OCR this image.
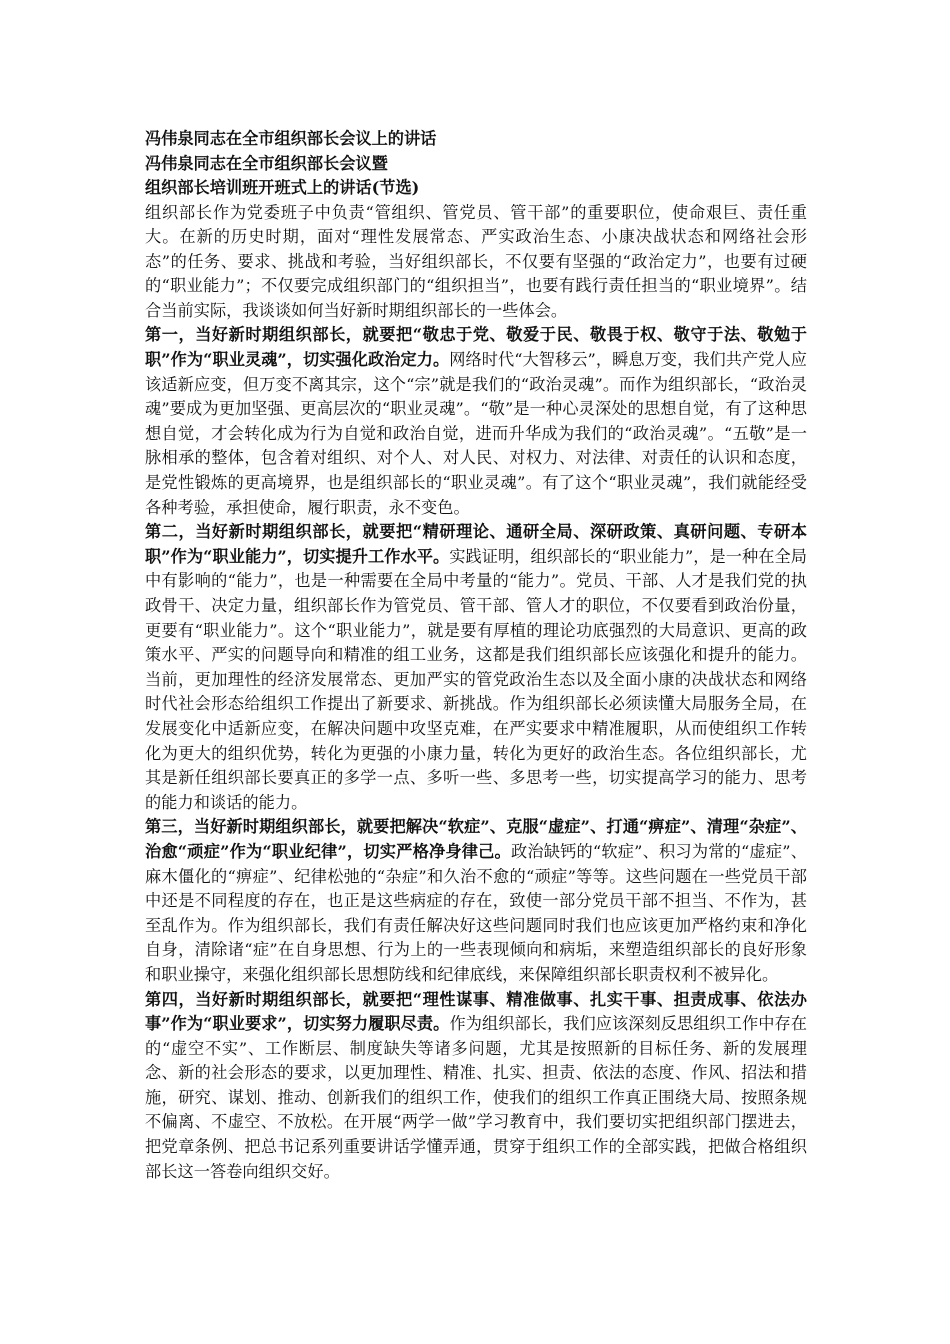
冯伟泉同志在全市组织部长会议上的讲话

冯伟泉同志在全市组织部长会议暨

组织部长培训班开班式上的讲话(节选)

组织部长作为党委班子中负责“管组织、管党员、管干部”的重要职位，使命艰巨、责任重大。在新的历史时期，面对“理性发展常态、严实政治生态、小康决战状态和网络社会形态”的任务、要求、挑战和考验，当好组织部长，不仅要有坚强的“政治定力”，也要有过硬的“职业能力”；不仅要完成组织部门的“组织担当”，也要有践行责任担当的“职业境界”。结合当前实际，我谈谈如何当好新时期组织部长的一些体会。

第一，当好新时期组织部长，就要把“敬忠于党、敬爱于民、敬畏于权、敬守于法、敬勉于职”作为“职业灵魂”，切实强化政治定力。网络时代“大智移云”，瞬息万变，我们共产党人应该适新应变，但万变不离其宗，这个“宗”就是我们的“政治灵魂”。而作为组织部长，“政治灵魂”要成为更加坚强、更高层次的“职业灵魂”。“敬”是一种心灵深处的思想自觉，有了这种思想自觉，才会转化成为行为自觉和政治自觉，进而升华成为我们的“政治灵魂”。“五敬”是一脉相承的整体，包含着对组织、对个人、对人民、对权力、对法律、对责任的认识和态度，是党性锻炼的更高境界，也是组织部长的“职业灵魂”。有了这个“职业灵魂”，我们就能经受各种考验，承担使命，履行职责，永不变色。

第二，当好新时期组织部长，就要把“精研理论、通研全局、深研政策、真研问题、专研本职”作为“职业能力”，切实提升工作水平。实践证明，组织部长的“职业能力”，是一种在全局中有影响的“能力”，也是一种需要在全局中考量的“能力”。党员、干部、人才是我们党的执政骨干、决定力量，组织部长作为管党员、管干部、管人才的职位，不仅要看到政治份量，更要有“职业能力”。这个“职业能力”，就是要有厚植的理论功底强烈的大局意识、更高的政策水平、严实的问题导向和精准的组工业务，这都是我们组织部长应该强化和提升的能力。当前，更加理性的经济发展常态、更加严实的管党政治生态以及全面小康的决战状态和网络时代社会形态给组织工作提出了新要求、新挑战。作为组织部长必须读懂大局服务全局，在发展变化中适新应变，在解决问题中攻坚克难，在严实要求中精准履职，从而使组织工作转化为更大的组织优势，转化为更强的小康力量，转化为更好的政治生态。各位组织部长，尤其是新任组织部长要真正的多学一点、多听一些、多思考一些，切实提高学习的能力、思考的能力和谈话的能力。

第三，当好新时期组织部长，就要把解决“软症”、克服“虚症”、打通“痹症”、清理“杂症”、治愈“顽症”作为“职业纪律”，切实严格净身律己。政治缺钙的“软症”、积习为常的“虚症”、麻木僵化的“痹症”、纪律松弛的“杂症”和久治不愈的“顽症”等等。这些问题在一些党员干部中还是不同程度的存在，也正是这些病症的存在，致使一部分党员干部不担当、不作为，甚至乱作为。作为组织部长，我们有责任解决好这些问题同时我们也应该更加严格约束和净化自身，清除诸“症”在自身思想、行为上的一些表现倾向和病垢，来塑造组织部长的良好形象和职业操守，来强化组织部长思想防线和纪律底线，来保障组织部长职责权利不被异化。

第四，当好新时期组织部长，就要把“理性谋事、精准做事、扎实干事、担责成事、依法办事”作为“职业要求”，切实努力履职尽责。作为组织部长，我们应该深刻反思组织工作中存在的“虚空不实”、工作断层、制度缺失等诸多问题，尤其是按照新的目标任务、新的发展理念、新的社会形态的要求，以更加理性、精准、扎实、担责、依法的态度、作风、招法和措施，研究、谋划、推动、创新我们的组织工作，使我们的组织工作真正围绕大局、按照条规不偏离、不虚空、不放松。在开展“两学一做”学习教育中，我们要切实把组织部门摆进去，把党章条例、把总书记系列重要讲话学懂弄通，贯穿于组织工作的全部实践，把做合格组织部长这一答卷向组织交好。
